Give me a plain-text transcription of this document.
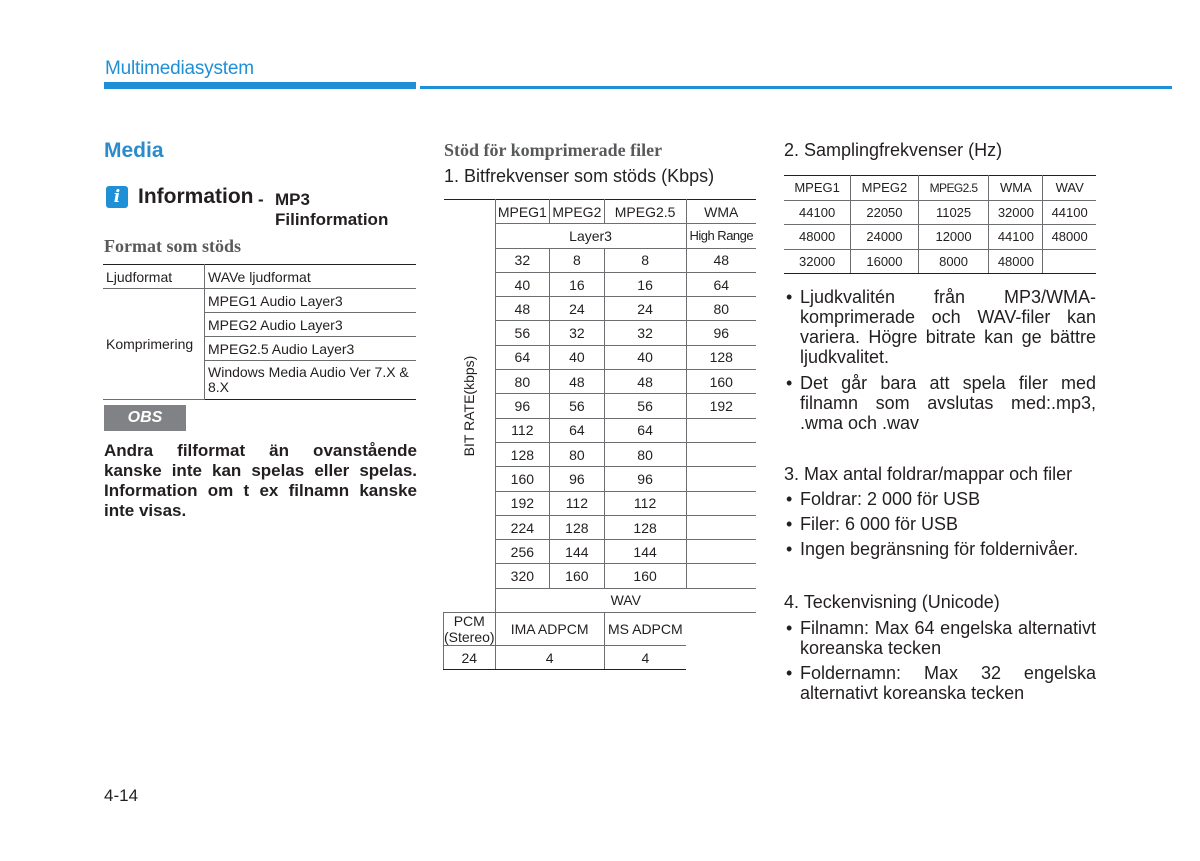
Multimediasystem
Media
i Information - MP3
Filinformation
Format som stöds
Ljudformat	WAVe ljudformat
Komprimering	MPEG1 Audio Layer3
	MPEG2 Audio Layer3
	MPEG2.5 Audio Layer3
	Windows Media Audio Ver 7.X & 8.X
OBS
Andra filformat än ovanstående kanske inte kan spelas eller spelas. Information om t ex filnamn kanske inte visas.
Stöd för komprimerade filer
1. Bitfrekvenser som stöds (Kbps)
BIT RATE(kbps)	MPEG1	MPEG2	MPEG2.5	WMA
	Layer3			High Range
	32	8	8	48
	40	16	16	64
	48	24	24	80
	56	32	32	96
	64	40	40	128
	80	48	48	160
	96	56	56	192
	112	64	64	
	128	80	80	
	160	96	96	
	192	112	112	
	224	128	128	
	256	144	144	
	320	160	160	
	WAV			
PCM (Stereo)	IMA ADPCM		MS ADPCM	
24	4		4	
2. Samplingfrekvenser (Hz)
MPEG1	MPEG2	MPEG2.5	WMA	WAV
44100	22050	11025	32000	44100
48000	24000	12000	44100	48000
32000	16000	8000	48000	
• Ljudkvalitén från MP3/WMA-komprimerade och WAV-filer kan variera. Högre bitrate kan ge bättre ljudkvalitet.
• Det går bara att spela filer med filnamn som avslutas med:.mp3, .wma och .wav
3. Max antal foldrar/mappar och filer
• Foldrar: 2 000 för USB
• Filer: 6 000 för USB
• Ingen begränsning för foldernivåer.
4. Teckenvisning (Unicode)
• Filnamn: Max 64 engelska alternativt koreanska tecken
• Foldernamn: Max 32 engelska alternativt koreanska tecken
4-14
